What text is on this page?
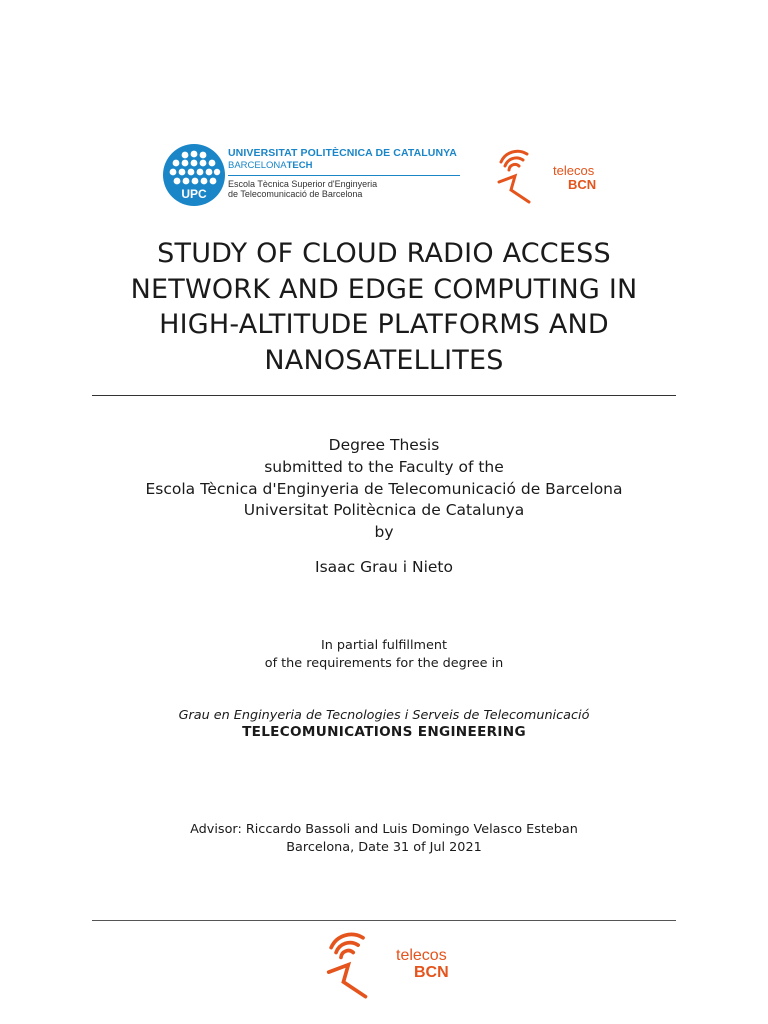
UPC
UNIVERSITAT POLITÈCNICA DE CATALUNYA
BARCELONATECH
Escola Tècnica Superior d'Enginyeria
de Telecomunicació de Barcelona
telecos
BCN
STUDY OF CLOUD RADIO ACCESS
NETWORK AND EDGE COMPUTING IN
HIGH-ALTITUDE PLATFORMS AND
NANOSATELLITES
Degree Thesis
submitted to the Faculty of the
Escola Tècnica d'Enginyeria de Telecomunicació de Barcelona
Universitat Politècnica de Catalunya
by
Isaac Grau i Nieto
In partial fulfillment
of the requirements for the degree in
Grau en Enginyeria de Tecnologies i Serveis de Telecomunicació
TELECOMUNICATIONS ENGINEERING
Advisor: Riccardo Bassoli and Luis Domingo Velasco Esteban
Barcelona, Date 31 of Jul 2021
telecos
BCN
